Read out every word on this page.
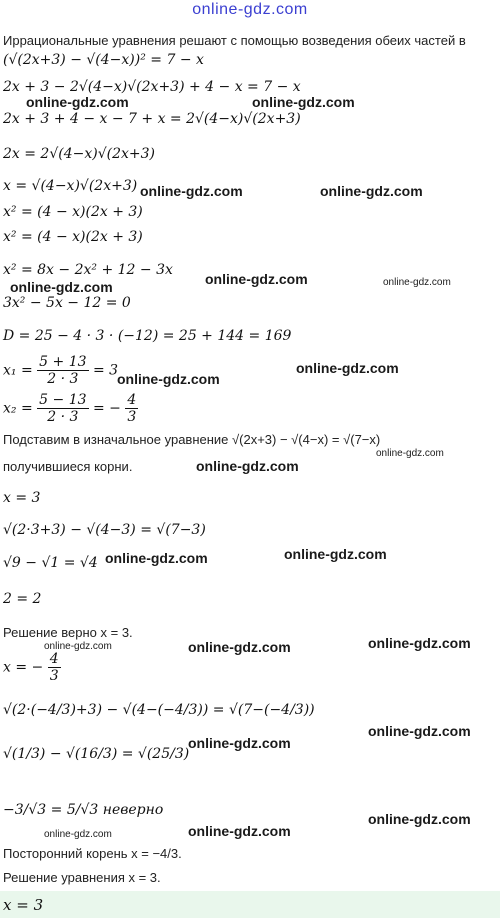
online-gdz.com
Иррациональные уравнения решают с помощью возведения обеих частей в
(√(2x+3) − √(4−x))² = 7 − x
2x + 3 − 2√(4−x)√(2x+3) + 4 − x = 7 − x
2x + 3 + 4 − x − 7 + x = 2√(4−x)√(2x+3)
2x = 2√(4−x)√(2x+3)
x = √(4−x)√(2x+3)
x² = (4 − x)(2x + 3)
x² = (4 − x)(2x + 3)
x² = 8x − 2x² + 12 − 3x
3x² − 5x − 12 = 0
D = 25 − 4 · 3 · (−12) = 25 + 144 = 169
$x_1 = \frac{5 + 13}{2 \cdot 3} = 3$
$x_2 = \frac{5 - 13}{2 \cdot 3}$ = − $\frac{4}{3}$
Подставим в изначальное уравнение √(2x+3) − √(4−x) = √(7−x)
получившиеся корни.
x = 3
√(2·3+3) − √(4−3) = √(7−3)
√9 − √1 = √4
2 = 2
Решение верно x = 3.
x = − $\frac{4}{3}$
√(2·(−4/3)+3) − √(4−(−4/3)) = √(7−(−4/3))
√(1/3) − √(16/3) = √(25/3)
−3/√3 = 5/√3 неверно
Посторонний корень x = −4/3.
Решение уравнения x = 3.
x = 3
online-gdz.com	online-gdz.com
online-gdz.com	online-gdz.com
online-gdz.com	online-gdz.com
online-gdz.com
online-gdz.com
online-gdz.com
online-gdz.com
online-gdz.com
online-gdz.com	online-gdz.com
online-gdz.com	online-gdz.com
online-gdz.com
online-gdz.com
online-gdz.com
online-gdz.com
online-gdz.com
online-gdz.com
